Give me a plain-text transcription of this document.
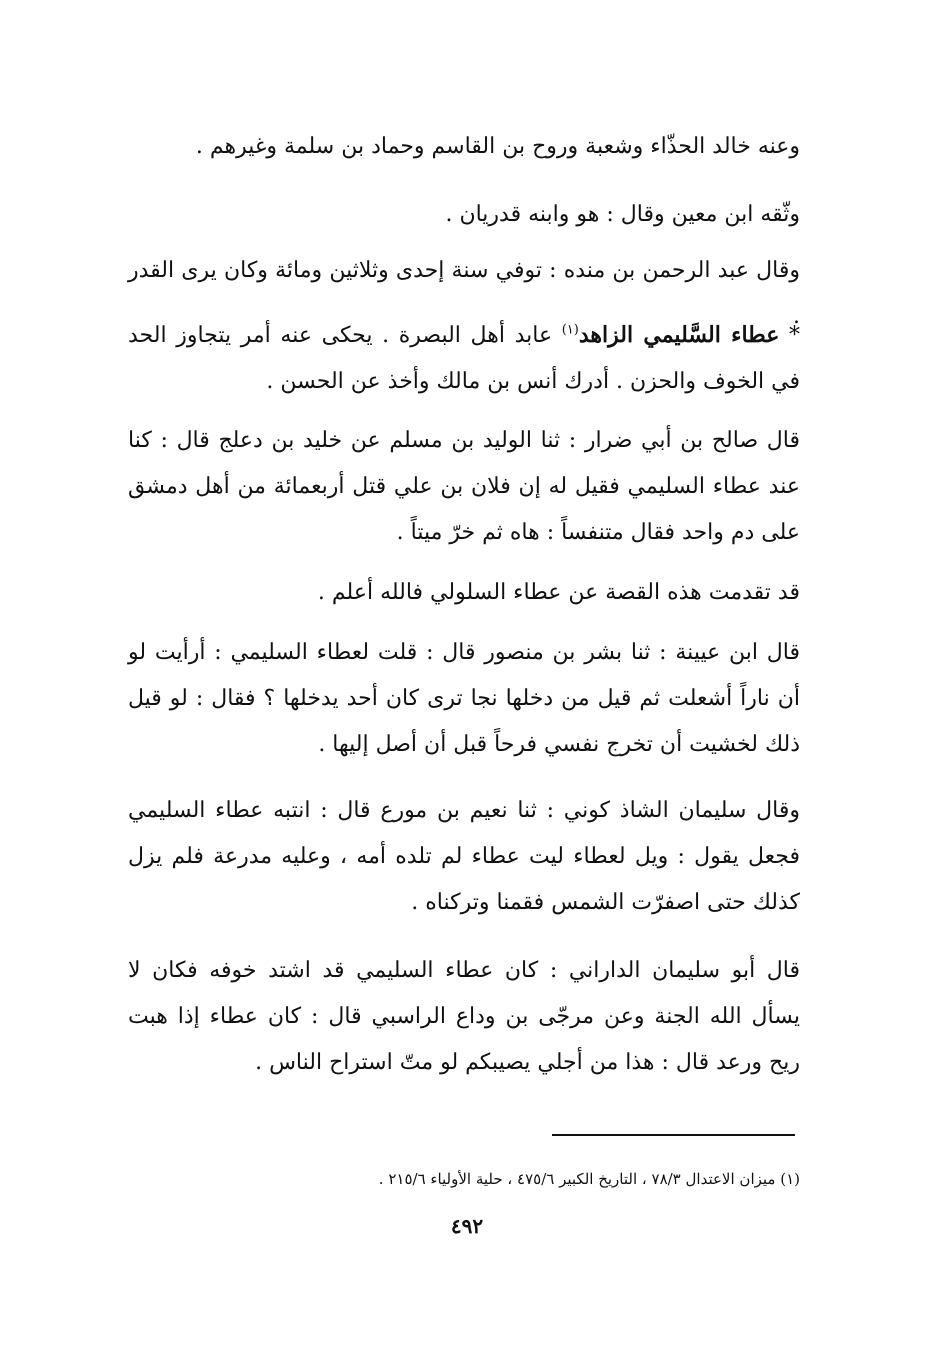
وعنه خالد الحذّاء وشعبة وروح بن القاسم وحماد بن سلمة وغيرهم .

وثّقه ابن معين وقال : هو وابنه قدريان .

وقال عبد الرحمن بن منده : توفي سنة إحدى وثلاثين ومائة وكان يرى القدر .

* عطاء السَّليمي الزاهد$^{(١)}$ عابد أهل البصرة . يحكى عنه أمر يتجاوز الحد في الخوف والحزن . أدرك أنس بن مالك وأخذ عن الحسن .

قال صالح بن أبي ضرار : ثنا الوليد بن مسلم عن خليد بن دعلج قال : كنا عند عطاء السليمي فقيل له إن فلان بن علي قتل أربعمائة من أهل دمشق على دم واحد فقال متنفساً : هاه ثم خرّ ميتاً .

قد تقدمت هذه القصة عن عطاء السلولي فالله أعلم .

قال ابن عيينة : ثنا بشر بن منصور قال : قلت لعطاء السليمي : أرأيت لو أن ناراً أشعلت ثم قيل من دخلها نجا ترى كان أحد يدخلها ؟ فقال : لو قيل ذلك لخشيت أن تخرج نفسي فرحاً قبل أن أصل إليها .

وقال سليمان الشاذ كوني : ثنا نعيم بن مورع قال : انتبه عطاء السليمي فجعل يقول : ويل لعطاء ليت عطاء لم تلده أمه ، وعليه مدرعة فلم يزل كذلك حتى اصفرّت الشمس فقمنا وتركناه .

قال أبو سليمان الداراني : كان عطاء السليمي قد اشتد خوفه فكان لا يسأل الله الجنة وعن مرجّى بن وداع الراسبي قال : كان عطاء إذا هبت ريح ورعد قال : هذا من أجلي يصيبكم لو متّ استراح الناس .

(١) ميزان الاعتدال ٧٨/٣ ، التاريخ الكبير ٤٧٥/٦ ، حلية الأولياء ٢١٥/٦ .
٤٩٢
